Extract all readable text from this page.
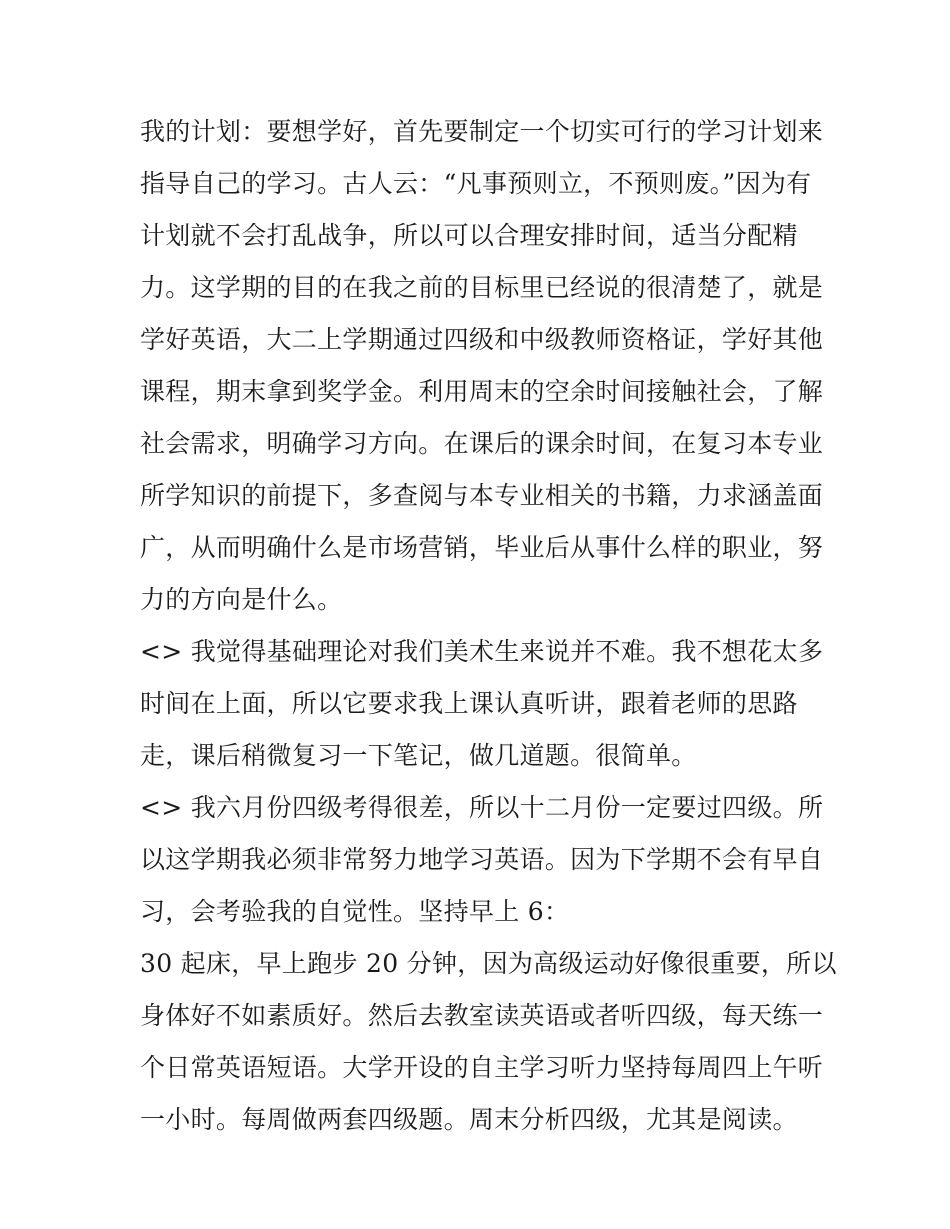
我的计划：要想学好，首先要制定一个切实可行的学习计划来
指导自己的学习。古人云：“凡事预则立，不预则废。”因为有
计划就不会打乱战争，所以可以合理安排时间，适当分配精
力。这学期的目的在我之前的目标里已经说的很清楚了，就是
学好英语，大二上学期通过四级和中级教师资格证，学好其他
课程，期末拿到奖学金。利用周末的空余时间接触社会，了解
社会需求，明确学习方向。在课后的课余时间，在复习本专业
所学知识的前提下，多查阅与本专业相关的书籍，力求涵盖面
广，从而明确什么是市场营销，毕业后从事什么样的职业，努
力的方向是什么。
<> 我觉得基础理论对我们美术生来说并不难。我不想花太多
时间在上面，所以它要求我上课认真听讲，跟着老师的思路
走，课后稍微复习一下笔记，做几道题。很简单。
<> 我六月份四级考得很差，所以十二月份一定要过四级。所
以这学期我必须非常努力地学习英语。因为下学期不会有早自
习，会考验我的自觉性。坚持早上 6：
30 起床，早上跑步 20 分钟，因为高级运动好像很重要，所以
身体好不如素质好。然后去教室读英语或者听四级，每天练一
个日常英语短语。大学开设的自主学习听力坚持每周四上午听
一小时。每周做两套四级题。周末分析四级，尤其是阅读。
